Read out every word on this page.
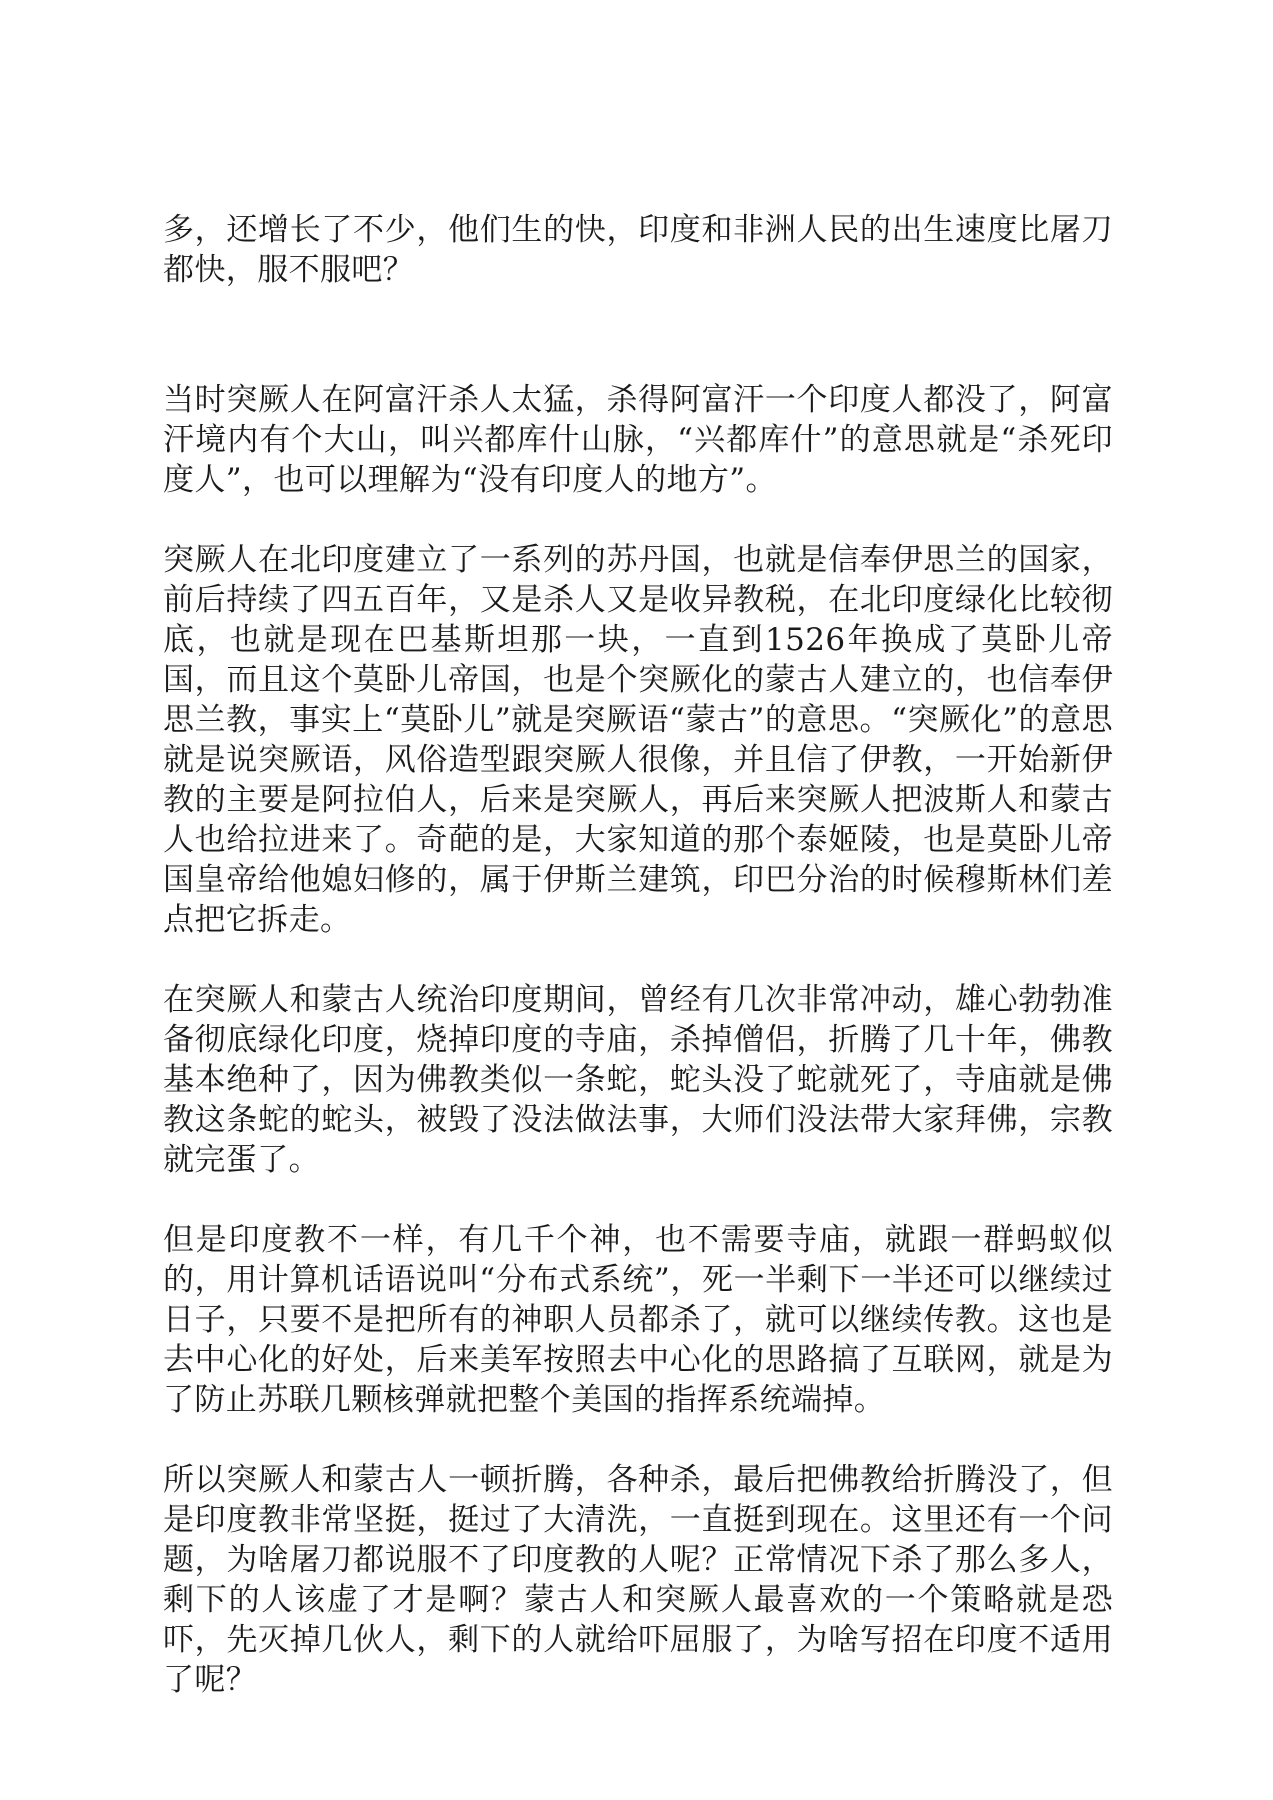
多，还增长了不少，他们生的快，印度和非洲人民的出生速度比屠刀都快，服不服吧？

当时突厥人在阿富汗杀人太猛，杀得阿富汗一个印度人都没了，阿富汗境内有个大山，叫兴都库什山脉，“兴都库什”的意思就是“杀死印度人”，也可以理解为“没有印度人的地方”。

突厥人在北印度建立了一系列的苏丹国，也就是信奉伊思兰的国家，前后持续了四五百年，又是杀人又是收异教税，在北印度绿化比较彻底，也就是现在巴基斯坦那一块，一直到1526年换成了莫卧儿帝国，而且这个莫卧儿帝国，也是个突厥化的蒙古人建立的，也信奉伊思兰教，事实上“莫卧儿”就是突厥语“蒙古”的意思。“突厥化”的意思就是说突厥语，风俗造型跟突厥人很像，并且信了伊教，一开始新伊教的主要是阿拉伯人，后来是突厥人，再后来突厥人把波斯人和蒙古人也给拉进来了。奇葩的是，大家知道的那个泰姬陵，也是莫卧儿帝国皇帝给他媳妇修的，属于伊斯兰建筑，印巴分治的时候穆斯林们差点把它拆走。

在突厥人和蒙古人统治印度期间，曾经有几次非常冲动，雄心勃勃准备彻底绿化印度，烧掉印度的寺庙，杀掉僧侣，折腾了几十年，佛教基本绝种了，因为佛教类似一条蛇，蛇头没了蛇就死了，寺庙就是佛教这条蛇的蛇头，被毁了没法做法事，大师们没法带大家拜佛，宗教就完蛋了。

但是印度教不一样，有几千个神，也不需要寺庙，就跟一群蚂蚁似的，用计算机话语说叫“分布式系统”，死一半剩下一半还可以继续过日子，只要不是把所有的神职人员都杀了，就可以继续传教。这也是去中心化的好处，后来美军按照去中心化的思路搞了互联网，就是为了防止苏联几颗核弹就把整个美国的指挥系统端掉。

所以突厥人和蒙古人一顿折腾，各种杀，最后把佛教给折腾没了，但是印度教非常坚挺，挺过了大清洗，一直挺到现在。这里还有一个问题，为啥屠刀都说服不了印度教的人呢？正常情况下杀了那么多人，剩下的人该虚了才是啊？蒙古人和突厥人最喜欢的一个策略就是恐吓，先灭掉几伙人，剩下的人就给吓屈服了，为啥写招在印度不适用了呢？
